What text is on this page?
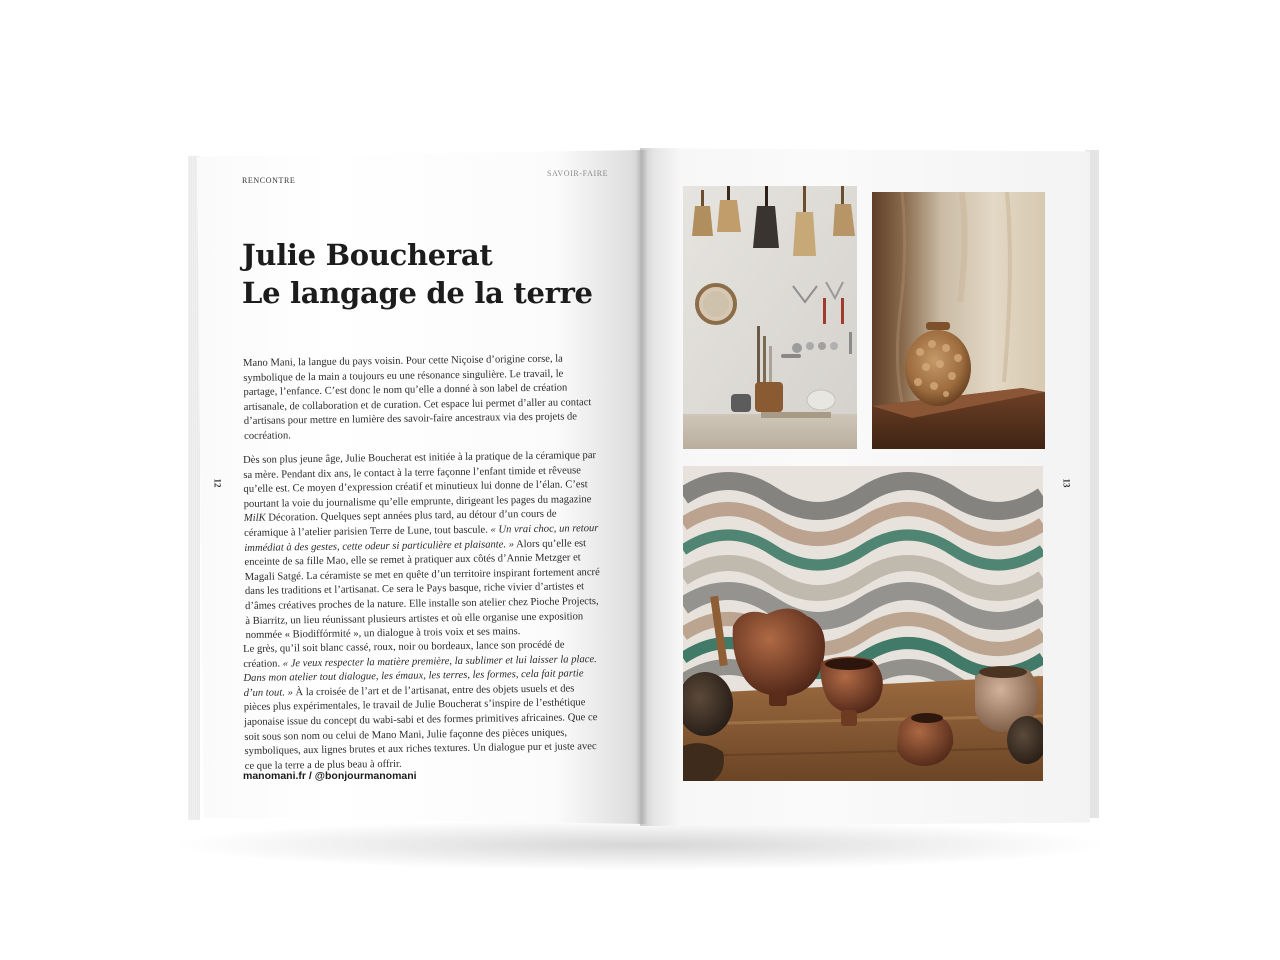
RENCONTRE
SAVOIR-FAIRE
Julie Boucherat
Le langage de la terre
Mano Mani, la langue du pays voisin. Pour cette Niçoise d’origine corse, la symbolique de la main a toujours eu une résonance singulière. Le travail, le partage, l’enfance. C’est donc le nom qu’elle a donné à son label de création artisanale, de collaboration et de curation. Cet espace lui permet d’aller au contact d’artisans pour mettre en lumière des savoir-faire ancestraux via des projets de cocréation.
Dès son plus jeune âge, Julie Boucherat est initiée à la pratique de la céramique par sa mère. Pendant dix ans, le contact à la terre façonne l’enfant timide et rêveuse qu’elle est. Ce moyen d’expression créatif et minutieux lui donne de l’élan. C’est pourtant la voie du journalisme qu’elle emprunte, dirigeant les pages du magazine MilK Décoration. Quelques sept années plus tard, au détour d’un cours de céramique à l’atelier parisien Terre de Lune, tout bascule. « Un vrai choc, un retour immédiat à des gestes, cette odeur si particulière et plaisante. » Alors qu’elle est enceinte de sa fille Mao, elle se remet à pratiquer aux côtés d’Annie Metzger et Magali Satgé. La céramiste se met en quête d’un territoire inspirant fortement ancré dans les traditions et l’artisanat. Ce sera le Pays basque, riche vivier d’artistes et d’âmes créatives proches de la nature. Elle installe son atelier chez Pioche Projects, à Biarritz, un lieu réunissant plusieurs artistes et où elle organise une exposition nommée « Biodiffórmité », un dialogue à trois voix et ses mains.
Le grès, qu’il soit blanc cassé, roux, noir ou bordeaux, lance son procédé de création. « Je veux respecter la matière première, la sublimer et lui laisser la place. Dans mon atelier tout dialogue, les émaux, les terres, les formes, cela fait partie d’un tout. » À la croisée de l’art et de l’artisanat, entre des objets usuels et des pièces plus expérimentales, le travail de Julie Boucherat s’inspire de l’esthétique japonaise issue du concept du wabi-sabi et des formes primitives africaines. Que ce soit sous son nom ou celui de Mano Mani, Julie façonne des pièces uniques, symboliques, aux lignes brutes et aux riches textures. Un dialogue pur et juste avec ce que la terre a de plus beau à offrir.
manomani.fr / @bonjourmanomani
12	13
